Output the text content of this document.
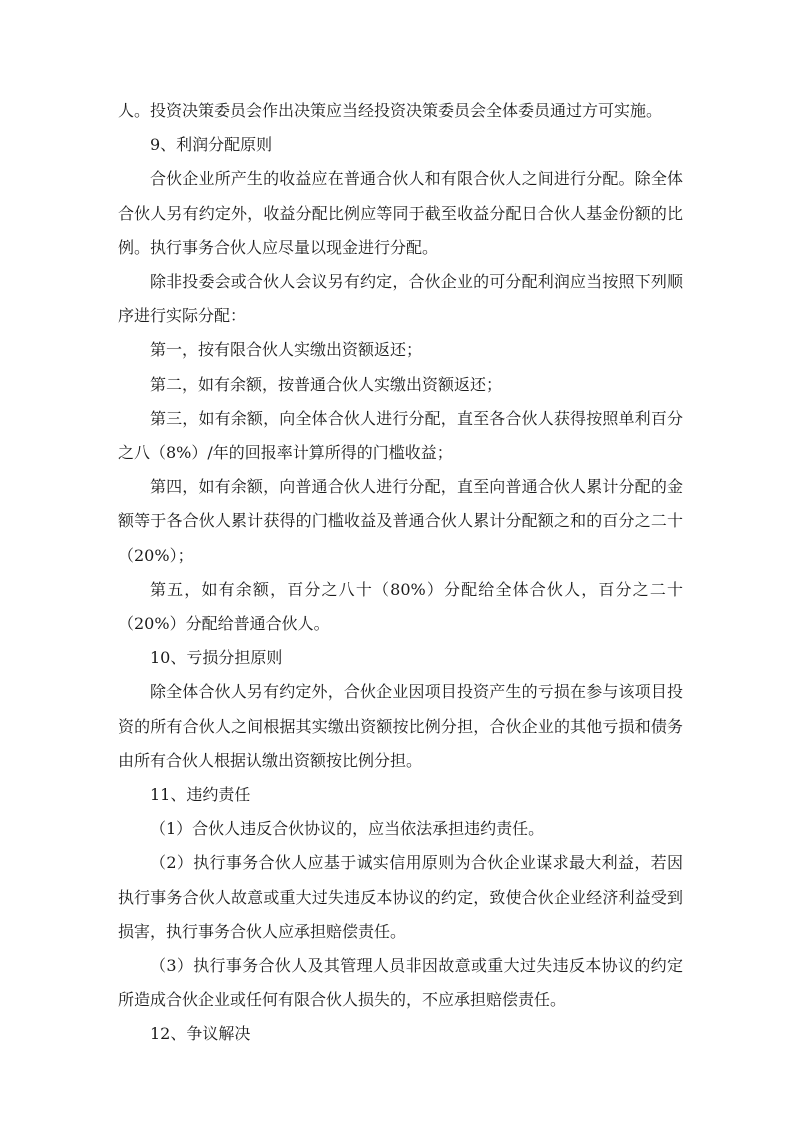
人。投资决策委员会作出决策应当经投资决策委员会全体委员通过方可实施。

9、利润分配原则

合伙企业所产生的收益应在普通合伙人和有限合伙人之间进行分配。除全体合伙人另有约定外，收益分配比例应等同于截至收益分配日合伙人基金份额的比例。执行事务合伙人应尽量以现金进行分配。

除非投委会或合伙人会议另有约定，合伙企业的可分配利润应当按照下列顺序进行实际分配：

第一，按有限合伙人实缴出资额返还；

第二，如有余额，按普通合伙人实缴出资额返还；

第三，如有余额，向全体合伙人进行分配，直至各合伙人获得按照单利百分之八（8%）/年的回报率计算所得的门槛收益；

第四，如有余额，向普通合伙人进行分配，直至向普通合伙人累计分配的金额等于各合伙人累计获得的门槛收益及普通合伙人累计分配额之和的百分之二十（20%）；

第五，如有余额，百分之八十（80%）分配给全体合伙人，百分之二十（20%）分配给普通合伙人。

10、亏损分担原则

除全体合伙人另有约定外，合伙企业因项目投资产生的亏损在参与该项目投资的所有合伙人之间根据其实缴出资额按比例分担，合伙企业的其他亏损和债务由所有合伙人根据认缴出资额按比例分担。

11、违约责任

（1）合伙人违反合伙协议的，应当依法承担违约责任。

（2）执行事务合伙人应基于诚实信用原则为合伙企业谋求最大利益，若因执行事务合伙人故意或重大过失违反本协议的约定，致使合伙企业经济利益受到损害，执行事务合伙人应承担赔偿责任。

（3）执行事务合伙人及其管理人员非因故意或重大过失违反本协议的约定所造成合伙企业或任何有限合伙人损失的，不应承担赔偿责任。

12、争议解决
